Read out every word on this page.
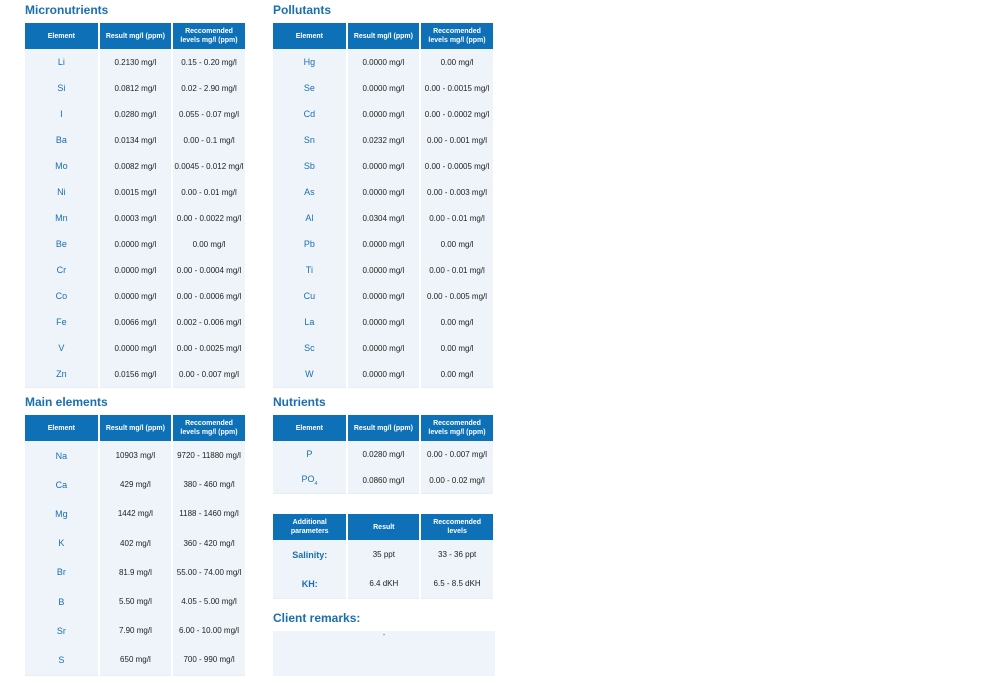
Micronutrients
Element	Result mg/l (ppm)	Reccomended levels mg/l (ppm)
Li	0.2130 mg/l	0.15 - 0.20 mg/l
Si	0.0812 mg/l	0.02 - 2.90 mg/l
I	0.0280 mg/l	0.055 - 0.07 mg/l
Ba	0.0134 mg/l	0.00 - 0.1 mg/l
Mo	0.0082 mg/l	0.0045 - 0.012 mg/l
Ni	0.0015 mg/l	0.00 - 0.01 mg/l
Mn	0.0003 mg/l	0.00 - 0.0022 mg/l
Be	0.0000 mg/l	0.00 mg/l
Cr	0.0000 mg/l	0.00 - 0.0004 mg/l
Co	0.0000 mg/l	0.00 - 0.0006 mg/l
Fe	0.0066 mg/l	0.002 - 0.006 mg/l
V	0.0000 mg/l	0.00 - 0.0025 mg/l
Zn	0.0156 mg/l	0.00 - 0.007 mg/l
Pollutants
Element	Result mg/l (ppm)	Reccomended levels mg/l (ppm)
Hg	0.0000 mg/l	0.00 mg/l
Se	0.0000 mg/l	0.00 - 0.0015 mg/l
Cd	0.0000 mg/l	0.00 - 0.0002 mg/l
Sn	0.0232 mg/l	0.00 - 0.001 mg/l
Sb	0.0000 mg/l	0.00 - 0.0005 mg/l
As	0.0000 mg/l	0.00 - 0.003 mg/l
Al	0.0304 mg/l	0.00 - 0.01 mg/l
Pb	0.0000 mg/l	0.00 mg/l
Ti	0.0000 mg/l	0.00 - 0.01 mg/l
Cu	0.0000 mg/l	0.00 - 0.005 mg/l
La	0.0000 mg/l	0.00 mg/l
Sc	0.0000 mg/l	0.00 mg/l
W	0.0000 mg/l	0.00 mg/l
Main elements
Element	Result mg/l (ppm)	Reccomended levels mg/l (ppm)
Na	10903 mg/l	9720 - 11880 mg/l
Ca	429 mg/l	380 - 460 mg/l
Mg	1442 mg/l	1188 - 1460 mg/l
K	402 mg/l	360 - 420 mg/l
Br	81.9 mg/l	55.00 - 74.00 mg/l
B	5.50 mg/l	4.05 - 5.00 mg/l
Sr	7.90 mg/l	6.00 - 10.00 mg/l
S	650 mg/l	700 - 990 mg/l
Nutrients
Element	Result mg/l (ppm)	Reccomended levels mg/l (ppm)
P	0.0280 mg/l	0.00 - 0.007 mg/l
$PO_4$	0.0860 mg/l	0.00 - 0.02 mg/l
Additional parameters	Result	Reccomended levels
Salinity:	35 ppt	33 - 36 ppt
KH:	6.4 dKH	6.5 - 8.5 dKH
Client remarks:
-
